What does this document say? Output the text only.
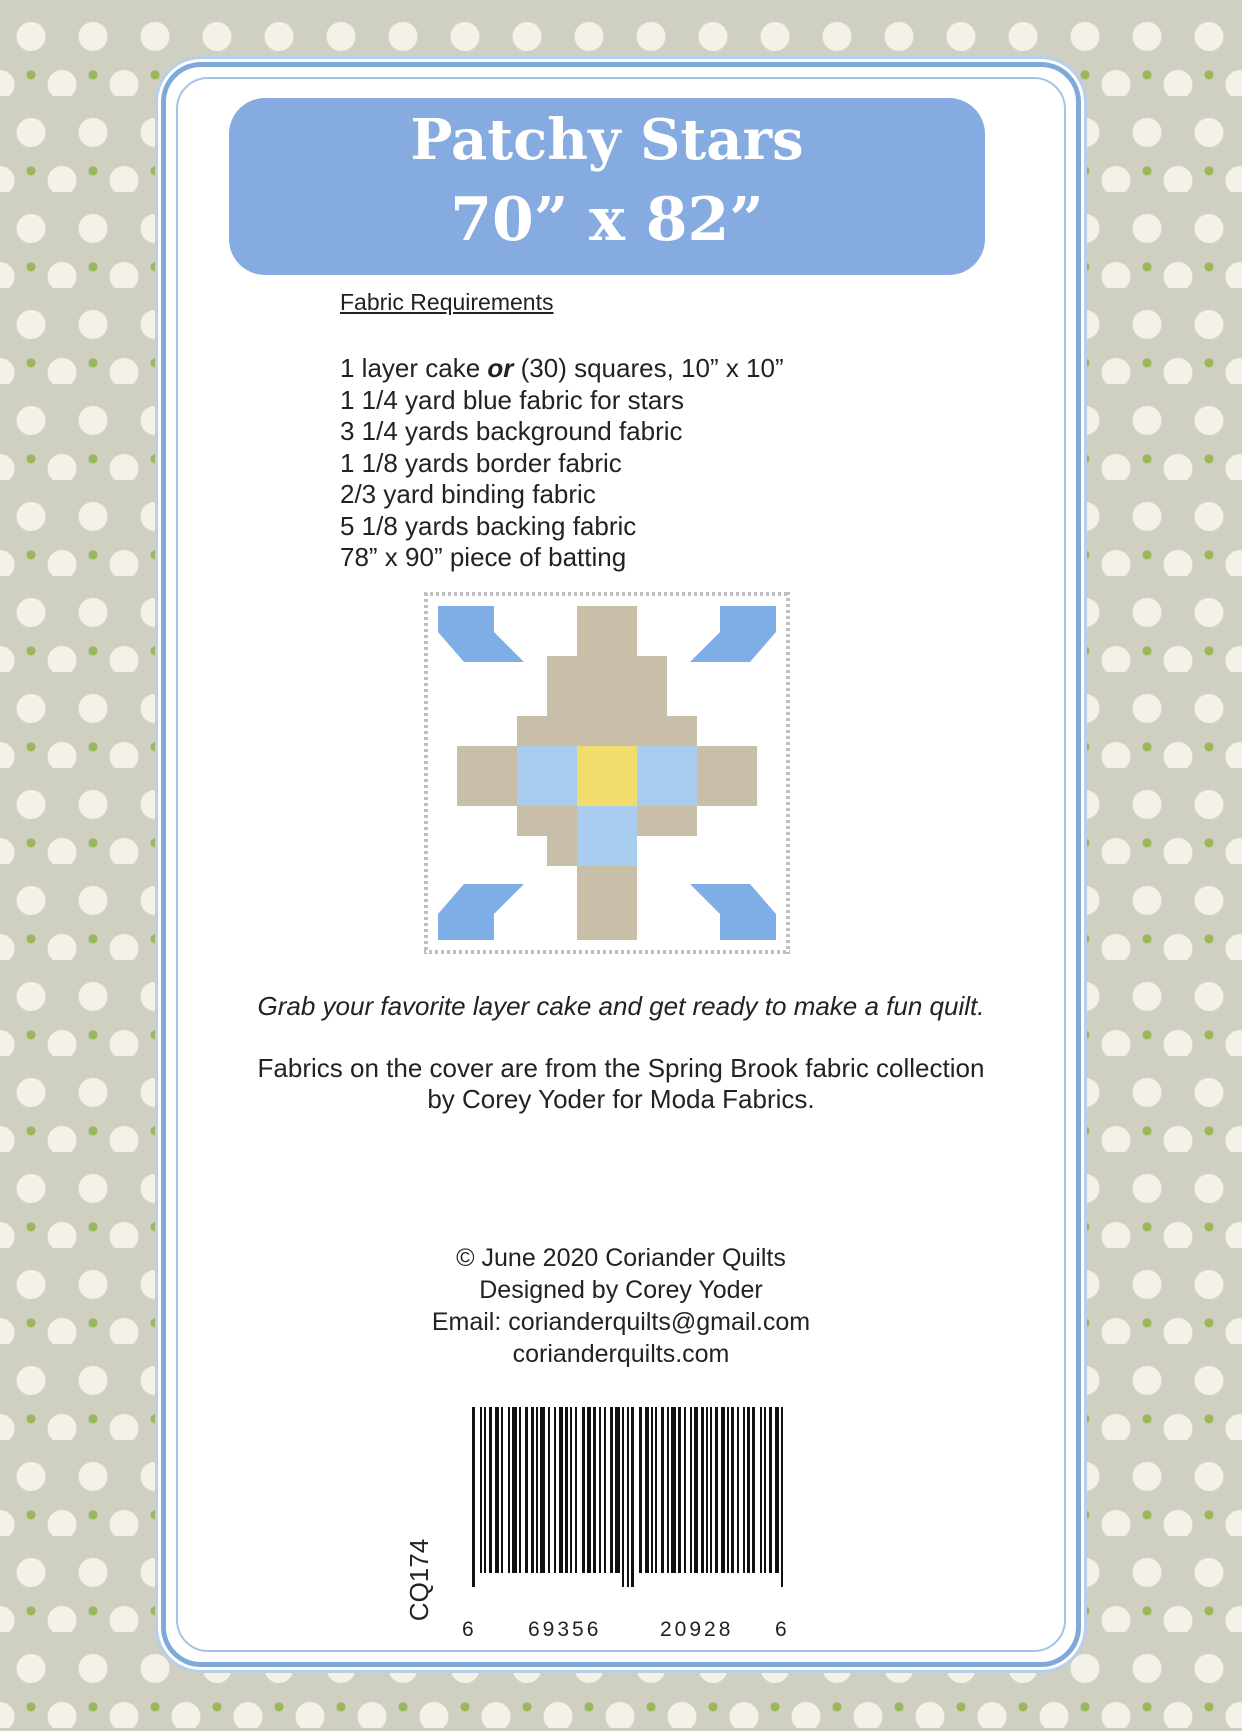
Patchy Stars
70” x 82”
Fabric Requirements
1 layer cake or (30) squares, 10” x 10”
1 1/4 yard blue fabric for stars
3 1/4 yards background fabric
1 1/8 yards border fabric
2/3 yard binding fabric
5 1/8 yards backing fabric
78” x 90” piece of batting
Grab your favorite layer cake and get ready to make a fun quilt.
Fabrics on the cover are from the Spring Brook fabric collection
by Corey Yoder for Moda Fabrics.
© June 2020 Coriander Quilts
Designed by Corey Yoder
Email: corianderquilts@gmail.com
corianderquilts.com
CQ174
6 69356	20928 6
